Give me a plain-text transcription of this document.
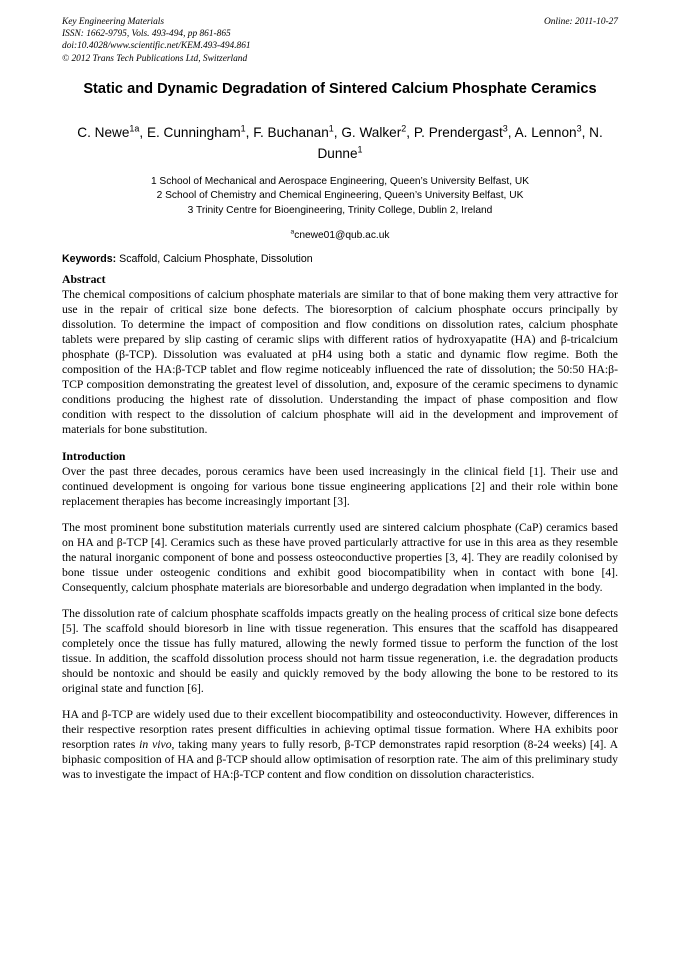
Key Engineering Materials	Online: 2011-10-27
ISSN: 1662-9795, Vols. 493-494, pp 861-865
doi:10.4028/www.scientific.net/KEM.493-494.861
© 2012 Trans Tech Publications Ltd, Switzerland
Static and Dynamic Degradation of Sintered Calcium Phosphate Ceramics
C. Newe$^{1a}$, E. Cunningham$^1$, F. Buchanan$^1$, G. Walker$^2$, P. Prendergast$^3$, A. Lennon$^3$, N. Dunne$^1$
1 School of Mechanical and Aerospace Engineering, Queen’s University Belfast, UK
2 School of Chemistry and Chemical Engineering, Queen’s University Belfast, UK
3 Trinity Centre for Bioengineering, Trinity College, Dublin 2, Ireland
$^a$cnewe01@qub.ac.uk
Keywords: Scaffold, Calcium Phosphate, Dissolution
Abstract

The chemical compositions of calcium phosphate materials are similar to that of bone making them very attractive for use in the repair of critical size bone defects. The bioresorption of calcium phosphate occurs principally by dissolution. To determine the impact of composition and flow conditions on dissolution rates, calcium phosphate tablets were prepared by slip casting of ceramic slips with different ratios of hydroxyapatite (HA) and β-tricalcium phosphate (β-TCP). Dissolution was evaluated at pH4 using both a static and dynamic flow regime. Both the composition of the HA:β-TCP tablet and flow regime noticeably influenced the rate of dissolution; the 50:50 HA:β-TCP composition demonstrating the greatest level of dissolution, and, exposure of the ceramic specimens to dynamic conditions producing the highest rate of dissolution. Understanding the impact of phase composition and flow condition with respect to the dissolution of calcium phosphate will aid in the development and improvement of materials for bone substitution.

Introduction

Over the past three decades, porous ceramics have been used increasingly in the clinical field [1]. Their use and continued development is ongoing for various bone tissue engineering applications [2] and their role within bone replacement therapies has become increasingly important [3].

The most prominent bone substitution materials currently used are sintered calcium phosphate (CaP) ceramics based on HA and β-TCP [4]. Ceramics such as these have proved particularly attractive for use in this area as they resemble the natural inorganic component of bone and possess osteoconductive properties [3, 4]. They are readily colonised by bone tissue under osteogenic conditions and exhibit good biocompatibility when in contact with bone [4]. Consequently, calcium phosphate materials are bioresorbable and undergo degradation when implanted in the body.

The dissolution rate of calcium phosphate scaffolds impacts greatly on the healing process of critical size bone defects [5]. The scaffold should bioresorb in line with tissue regeneration. This ensures that the scaffold has disappeared completely once the tissue has fully matured, allowing the newly formed tissue to perform the function of the lost tissue. In addition, the scaffold dissolution process should not harm tissue regeneration, i.e. the degradation products should be nontoxic and should be easily and quickly removed by the body allowing the bone to be restored to its original state and function [6].

HA and β-TCP are widely used due to their excellent biocompatibility and osteoconductivity. However, differences in their respective resorption rates present difficulties in achieving optimal tissue formation. Where HA exhibits poor resorption rates in vivo, taking many years to fully resorb, β-TCP demonstrates rapid resorption (8-24 weeks) [4]. A biphasic composition of HA and β-TCP should allow optimisation of resorption rate. The aim of this preliminary study was to investigate the impact of HA:β-TCP content and flow condition on dissolution characteristics.
